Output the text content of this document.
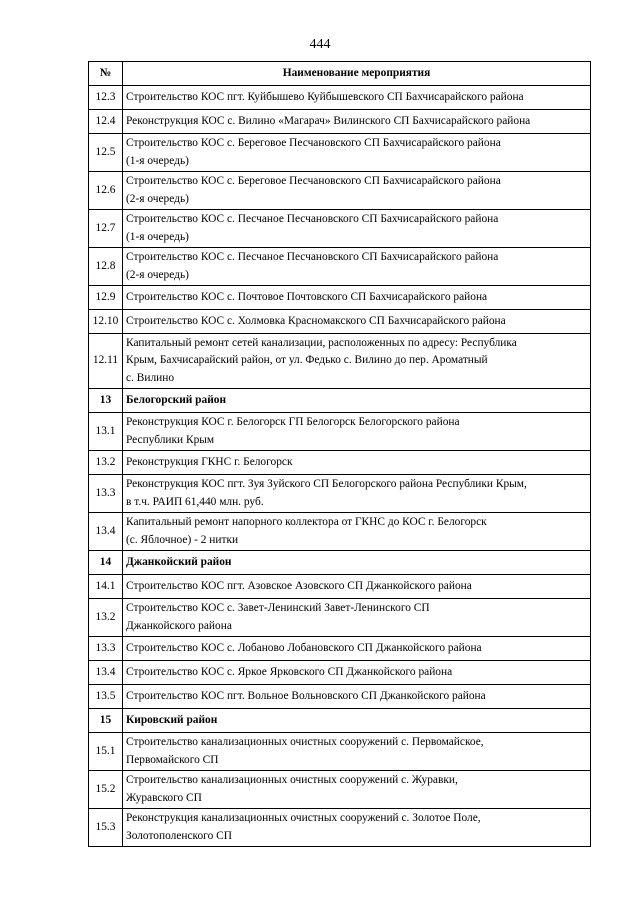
444
№	Наименование мероприятия
12.3	Строительство КОС пгт. Куйбышево Куйбышевского СП Бахчисарайского района
12.4	Реконструкция КОС с. Вилино «Магарач» Вилинского СП Бахчисарайского района
12.5	Строительство КОС с. Береговое Песчановского СП Бахчисарайского района
(1-я очередь)
12.6	Строительство КОС с. Береговое Песчановского СП Бахчисарайского района
(2-я очередь)
12.7	Строительство КОС с. Песчаное Песчановского СП Бахчисарайского района
(1-я очередь)
12.8	Строительство КОС с. Песчаное Песчановского СП Бахчисарайского района
(2-я очередь)
12.9	Строительство КОС с. Почтовое Почтовского СП Бахчисарайского района
12.10	Строительство КОС с. Холмовка Красномакского СП Бахчисарайского района
12.11	Капитальный ремонт сетей канализации, расположенных по адресу: Республика
Крым, Бахчисарайский район, от ул. Федько с. Вилино до пер. Ароматный
с. Вилино
13	Белогорский район
13.1	Реконструкция КОС г. Белогорск ГП Белогорск Белогорского района
Республики Крым
13.2	Реконструкция ГКНС г. Белогорск
13.3	Реконструкция КОС пгт. Зуя Зуйского СП Белогорского района Республики Крым,
в т.ч. РАИП 61,440 млн. руб.
13.4	Капитальный ремонт напорного коллектора от ГКНС до КОС г. Белогорск
(с. Яблочное) - 2 нитки
14	Джанкойский район
14.1	Строительство КОС пгт. Азовское Азовского СП Джанкойского района
13.2	Строительство КОС с. Завет-Ленинский Завет-Ленинского СП
Джанкойского района
13.3	Строительство КОС с. Лобаново Лобановского СП Джанкойского района
13.4	Строительство КОС с. Яркое Ярковского СП Джанкойского района
13.5	Строительство КОС пгт. Вольное Вольновского СП Джанкойского района
15	Кировский район
15.1	Строительство канализационных очистных сооружений с. Первомайское,
Первомайского СП
15.2	Строительство канализационных очистных сооружений с. Журавки,
Журавского СП
15.3	Реконструкция канализационных очистных сооружений с. Золотое Поле,
Золотополенского СП
